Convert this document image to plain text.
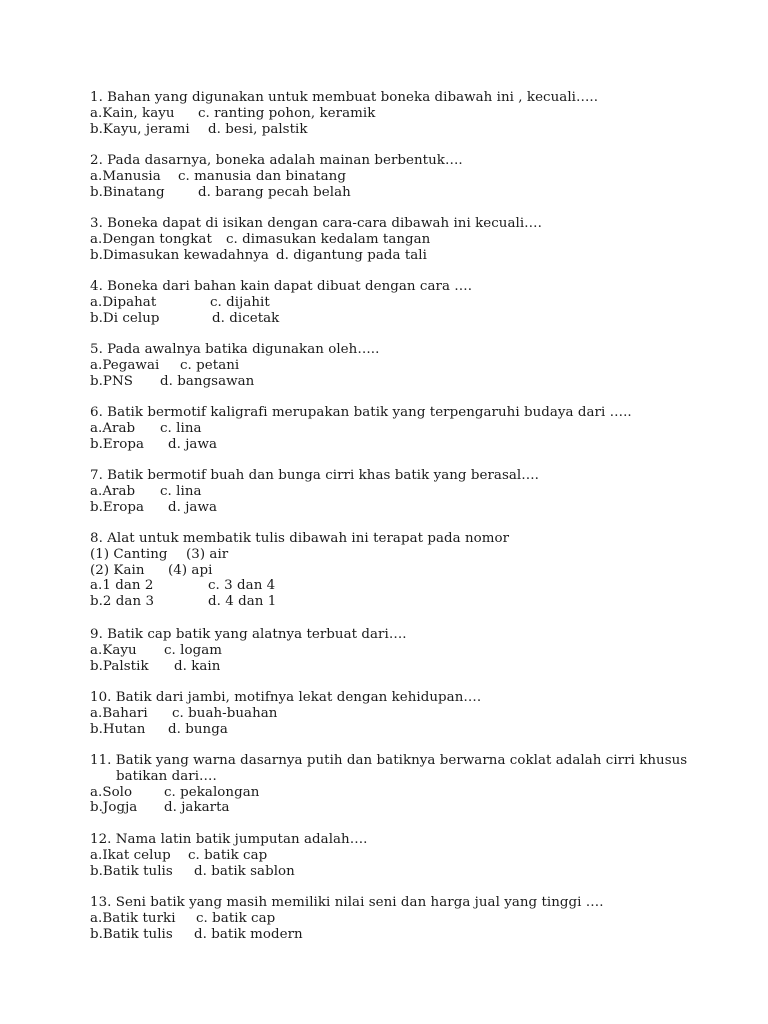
1. Bahan yang digunakan untuk membuat boneka dibawah ini , kecuali…..
a.Kain, kayu c. ranting pohon, keramik
b.Kayu, jerami d. besi, palstik
2. Pada dasarnya, boneka adalah mainan berbentuk….
a.Manusia c. manusia dan binatang
b.Binatang d. barang pecah belah
3. Boneka dapat di isikan dengan cara-cara dibawah ini kecuali….
a.Dengan tongkat c. dimasukan kedalam tangan
b.Dimasukan kewadahnya d. digantung pada tali
4. Boneka dari bahan kain dapat dibuat dengan cara ….
a.Dipahat	c. dijahit
b.Di celup	d. dicetak
5. Pada awalnya batika digunakan oleh…..
a.Pegawai c. petani
b.PNS d. bangsawan
6. Batik bermotif kaligrafi merupakan batik yang terpengaruhi budaya dari …..
a.Arab c. lina
b.Eropa d. jawa
7. Batik bermotif buah dan bunga cirri khas batik yang berasal….
a.Arab c. lina
b.Eropa d. jawa
8. Alat untuk membatik tulis dibawah ini terapat pada nomor
(1) Canting (3) air
(2) Kain (4) api
a.1 dan 2	c. 3 dan 4
b.2 dan 3	d. 4 dan 1
9. Batik cap batik yang alatnya terbuat dari….
a.Kayu c. logam
b.Palstik d. kain
10. Batik dari jambi, motifnya lekat dengan kehidupan….
a.Bahari c. buah-buahan
b.Hutan d. bunga
11. Batik yang warna dasarnya putih dan batiknya berwarna coklat adalah cirri khusus
batikan dari….
a.Solo c. pekalongan
b.Jogja d. jakarta
12. Nama latin batik jumputan adalah….
a.Ikat celup c. batik cap
b.Batik tulis d. batik sablon
13. Seni batik yang masih memiliki nilai seni dan harga jual yang tinggi ….
a.Batik turki c. batik cap
b.Batik tulis d. batik modern
